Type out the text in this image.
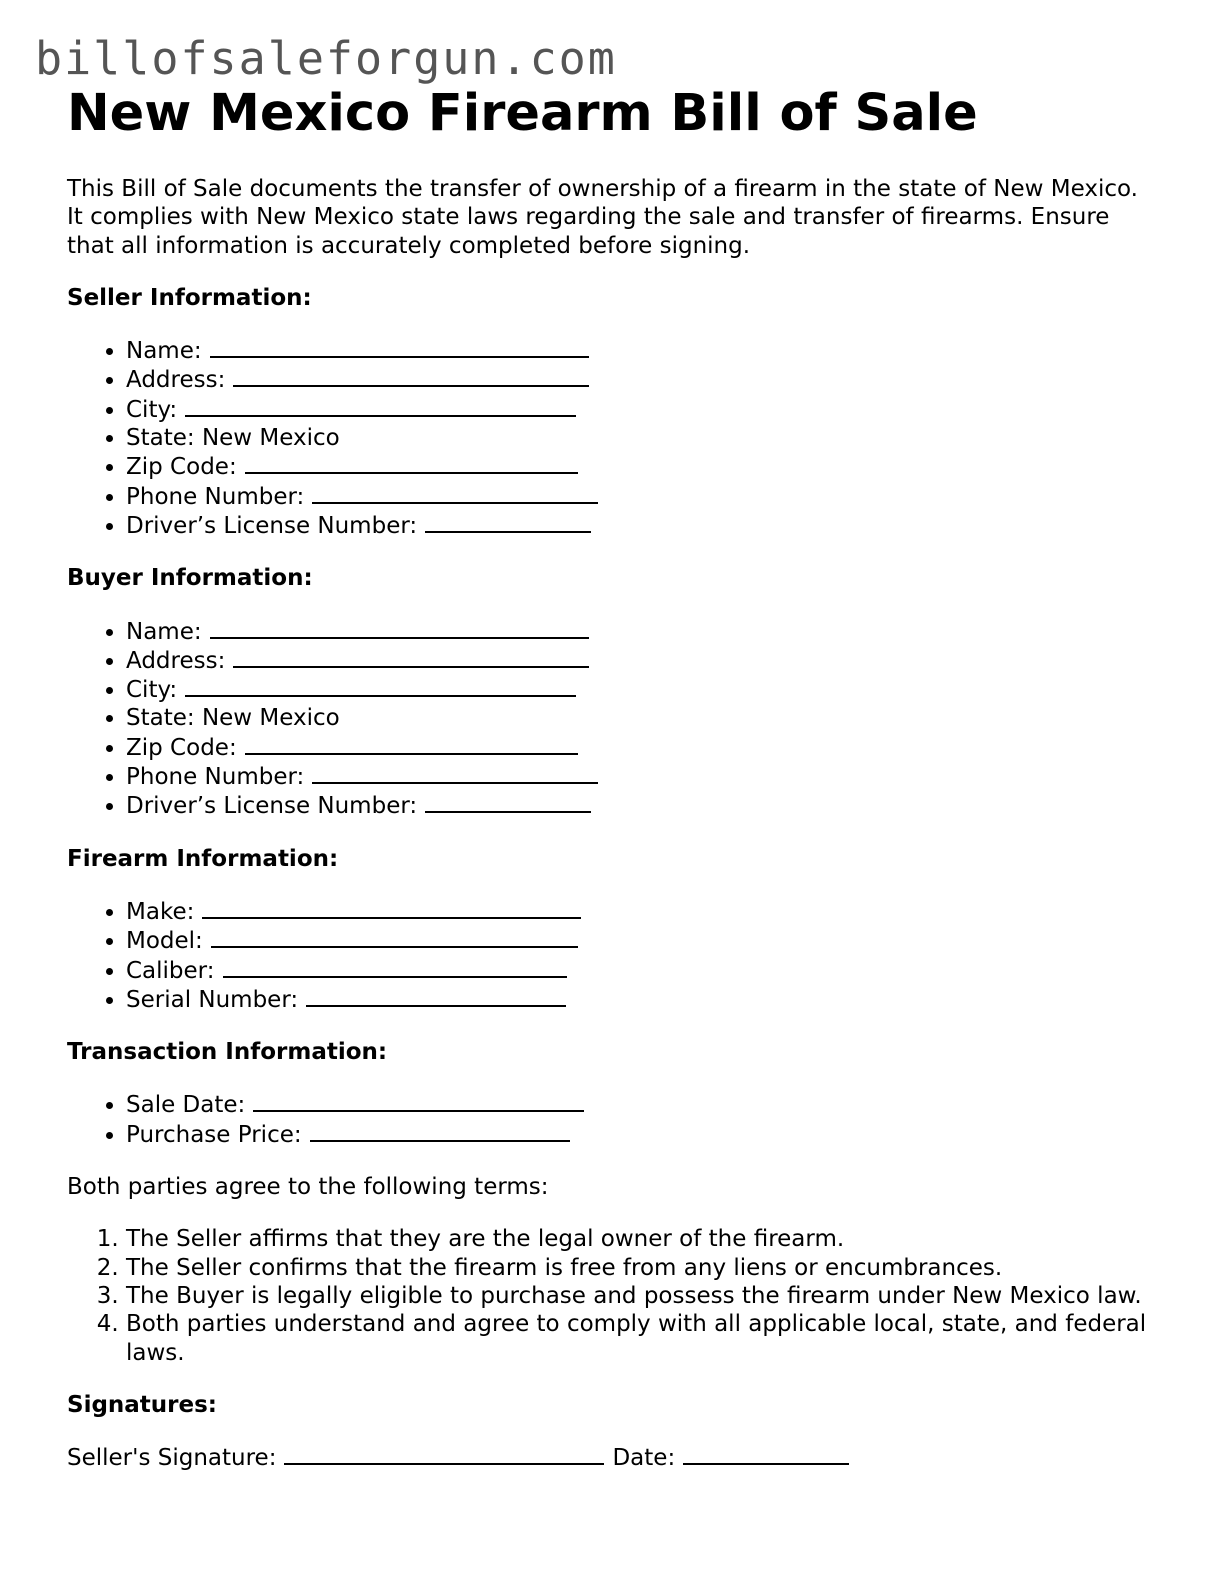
billofsaleforgun.com
New Mexico Firearm Bill of Sale

This Bill of Sale documents the transfer of ownership of a firearm in the state of New Mexico. It complies with New Mexico state laws regarding the sale and transfer of firearms. Ensure that all information is accurately completed before signing.

Seller Information:
• Name:
• Address:
• City:
• State: New Mexico
• Zip Code:
• Phone Number:
• Driver’s License Number:
Buyer Information:
• Name:
• Address:
• City:
• State: New Mexico
• Zip Code:
• Phone Number:
• Driver’s License Number:
Firearm Information:
• Make:
• Model:
• Caliber:
• Serial Number:
Transaction Information:
• Sale Date:
• Purchase Price:

Both parties agree to the following terms:

1. The Seller affirms that they are the legal owner of the firearm.
2. The Seller confirms that the firearm is free from any liens or encumbrances.
3. The Buyer is legally eligible to purchase and possess the firearm under New Mexico law.
4. Both parties understand and agree to comply with all applicable local, state, and federal laws.
Signatures:
Seller's Signature:	Date:
